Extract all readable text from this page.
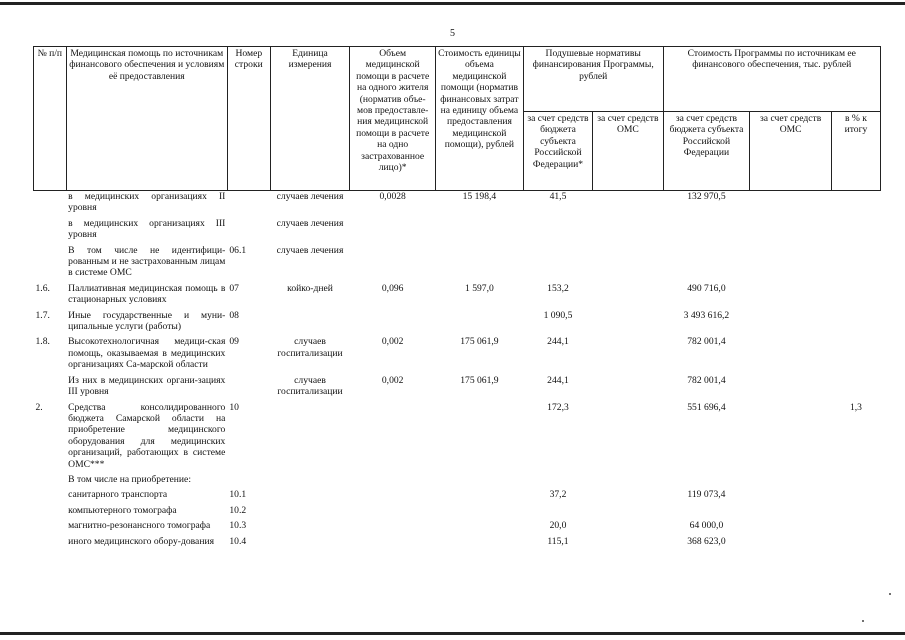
5
№ п/п	Медицинская помощь по источникам финансового обеспечения и условиям её предоставления	Номер строки	Единица измерения	Объем медицинской помощи в расчете на одного жителя (норматив объе-мов предоставле-ния медицинской помощи в расчете на одно застрахованное лицо)*	Стоимость единицы объема медицинской помощи (норматив финансовых затрат на единицу объема предоставления медицинской помощи), рублей	Подушевые нормативы финансирования Программы, рублей		Стоимость Программы по источникам ее финансового обеспечения, тыс. рублей		
						за счет средств бюджета субъекта Российской Федерации*	за счет средств ОМС	за счет средств бюджета субъекта Российской Федерации	за счет средств ОМС	в % к итогу
	в медицинских организациях II уровня		случаев лечения	0,0028	15 198,4	41,5		132 970,5		
	в медицинских организациях III уровня		случаев лечения							
	В том числе не идентифици-рованным и не застрахованным лицам в системе ОМС	06.1	случаев лечения							
1.6.	Паллиативная медицинская помощь в стационарных условиях	07	койко-дней	0,096	1 597,0	153,2		490 716,0		
1.7.	Иные государственные и муни-ципальные услуги (работы)	08				1 090,5		3 493 616,2		
1.8.	Высокотехнологичная медици-ская помощь, оказываемая в медицинских организациях Са-марской области	09	случаев госпитализации	0,002	175 061,9	244,1		782 001,4		
	Из них в медицинских органи-зациях III уровня		случаев госпитализации	0,002	175 061,9	244,1		782 001,4		
2.	Средства консолидированного бюджета Самарской области на приобретение медицинского оборудования для медицинских организаций, работающих в системе ОМС***	10				172,3		551 696,4		1,3
	В том числе на приобретение:									
	санитарного транспорта	10.1				37,2		119 073,4		
	компьютерного томографа	10.2								
	магнитно-резонансного томографа	10.3				20,0		64 000,0		
	иного медицинского обору-дования	10.4				115,1		368 623,0		
